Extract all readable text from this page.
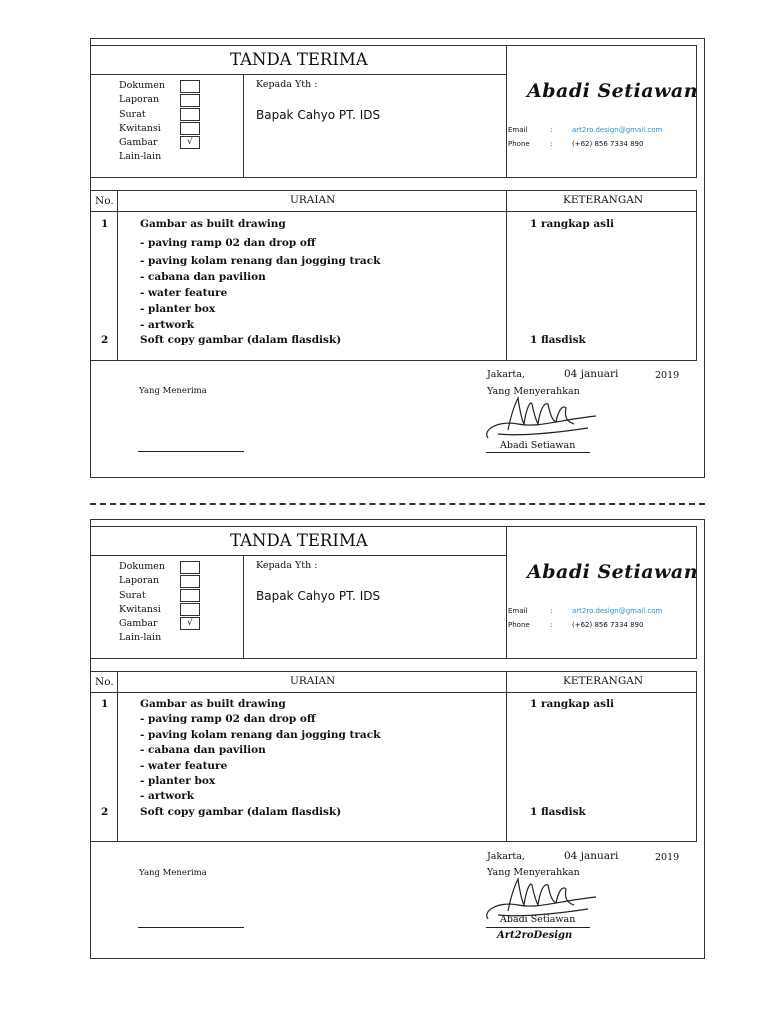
TANDA TERIMA
Dokumen
Laporan
Surat
Kwitansi
Gambar
Lain-lain
√
Kepada Yth :
Bapak Cahyo PT. IDS
Abadi Setiawan
Email	:	art2ro.design@gmail.com
Phone	:	(+62) 856 7334 890
No.	URAIAN	KETERANGAN
1	Gambar as built drawing	1 rangkap asli
- paving ramp 02 dan drop off
- paving kolam renang dan jogging track
- cabana dan pavilion
- water feature
- planter box
- artwork
2	Soft copy gambar (dalam flasdisk)	1 flasdisk
Jakarta,	04 januari	2019
Yang Menerima	Yang Menyerahkan
Abadi Setiawan
TANDA TERIMA
Dokumen
Laporan
Surat
Kwitansi
Gambar
Lain-lain
√
Kepada Yth :
Bapak Cahyo PT. IDS
Abadi Setiawan
Email	:	art2ro.design@gmail.com
Phone	:	(+62) 856 7334 890
No.	URAIAN	KETERANGAN
1	Gambar as built drawing	1 rangkap asli
- paving ramp 02 dan drop off
- paving kolam renang dan jogging track
- cabana dan pavilion
- water feature
- planter box
- artwork
2	Soft copy gambar (dalam flasdisk)	1 flasdisk
Jakarta,	04 januari	2019
Yang Menerima	Yang Menyerahkan
Abadi Setiawan
Art2roDesign
